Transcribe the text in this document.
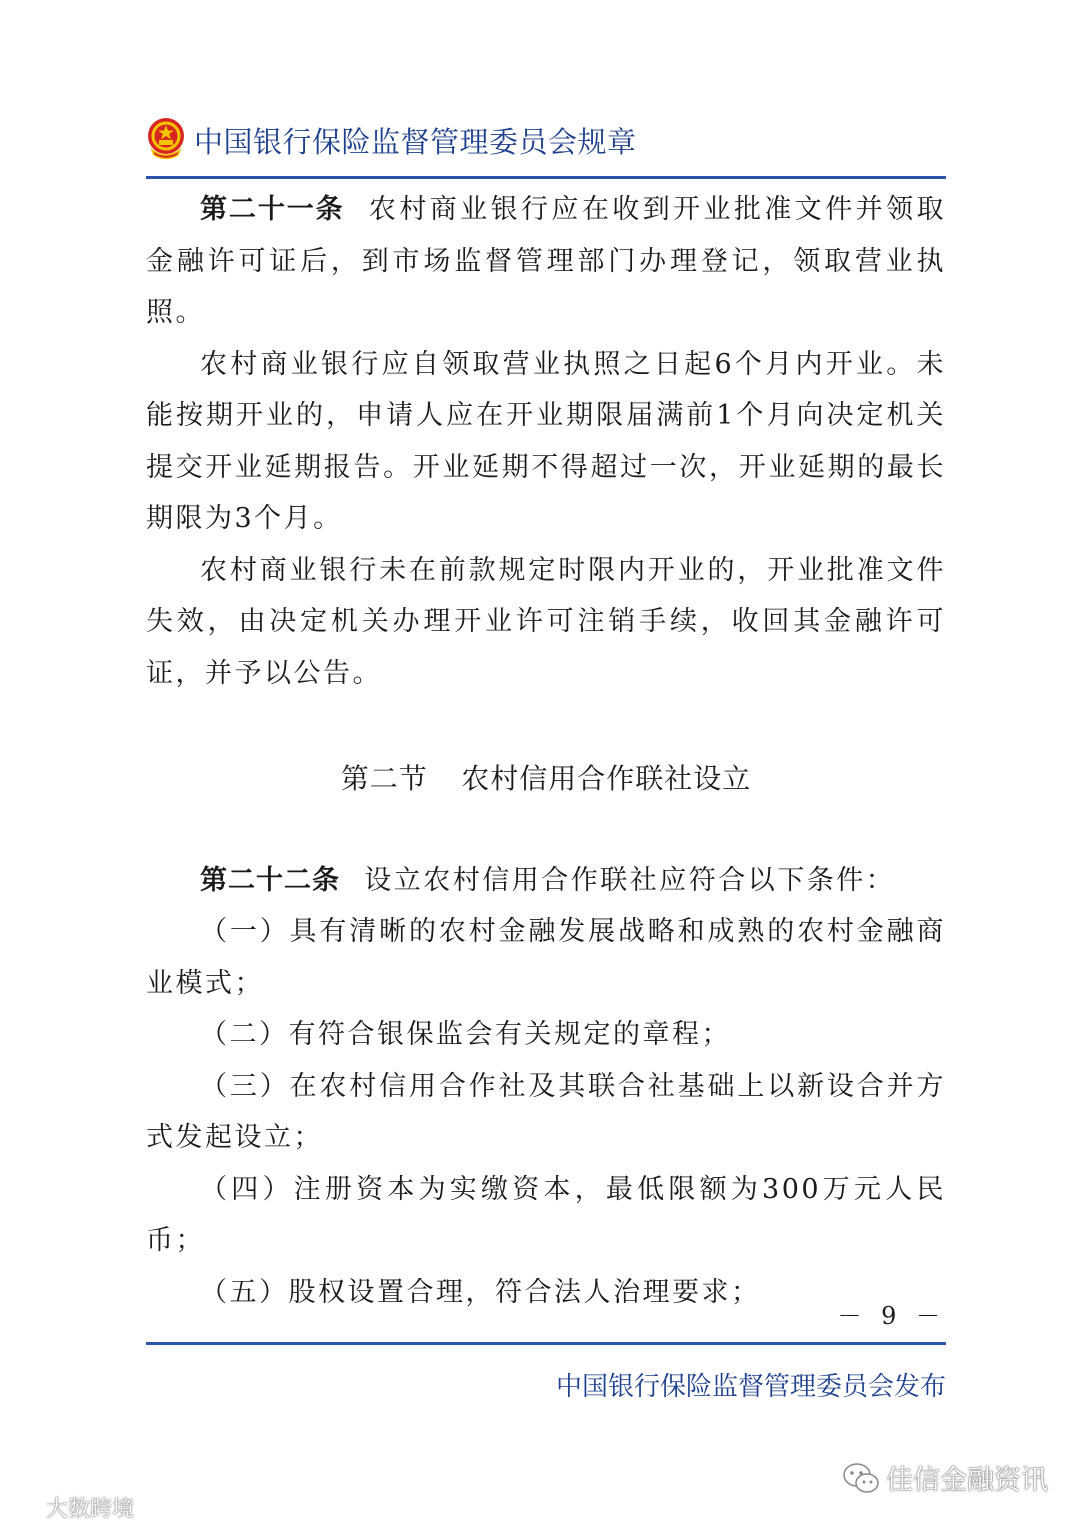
中国银行保险监督管理委员会规章

第二十一条 农村商业银行应在收到开业批准文件并领取金融许可证后，到市场监督管理部门办理登记，领取营业执照。

农村商业银行应自领取营业执照之日起6个月内开业。未能按期开业的，申请人应在开业期限届满前1个月向决定机关提交开业延期报告。开业延期不得超过一次，开业延期的最长期限为3个月。

农村商业银行未在前款规定时限内开业的，开业批准文件失效，由决定机关办理开业许可注销手续，收回其金融许可证，并予以公告。

第二节 农村信用合作联社设立

第二十二条 设立农村信用合作联社应符合以下条件：

（一）具有清晰的农村金融发展战略和成熟的农村金融商业模式；

（二）有符合银保监会有关规定的章程；

（三）在农村信用合作社及其联合社基础上以新设合并方式发起设立；

（四）注册资本为实缴资本，最低限额为300万元人民币；

（五）股权设置合理，符合法人治理要求；

－ 9 －
中国银行保险监督管理委员会发布
大数跨境
佳信金融资讯
